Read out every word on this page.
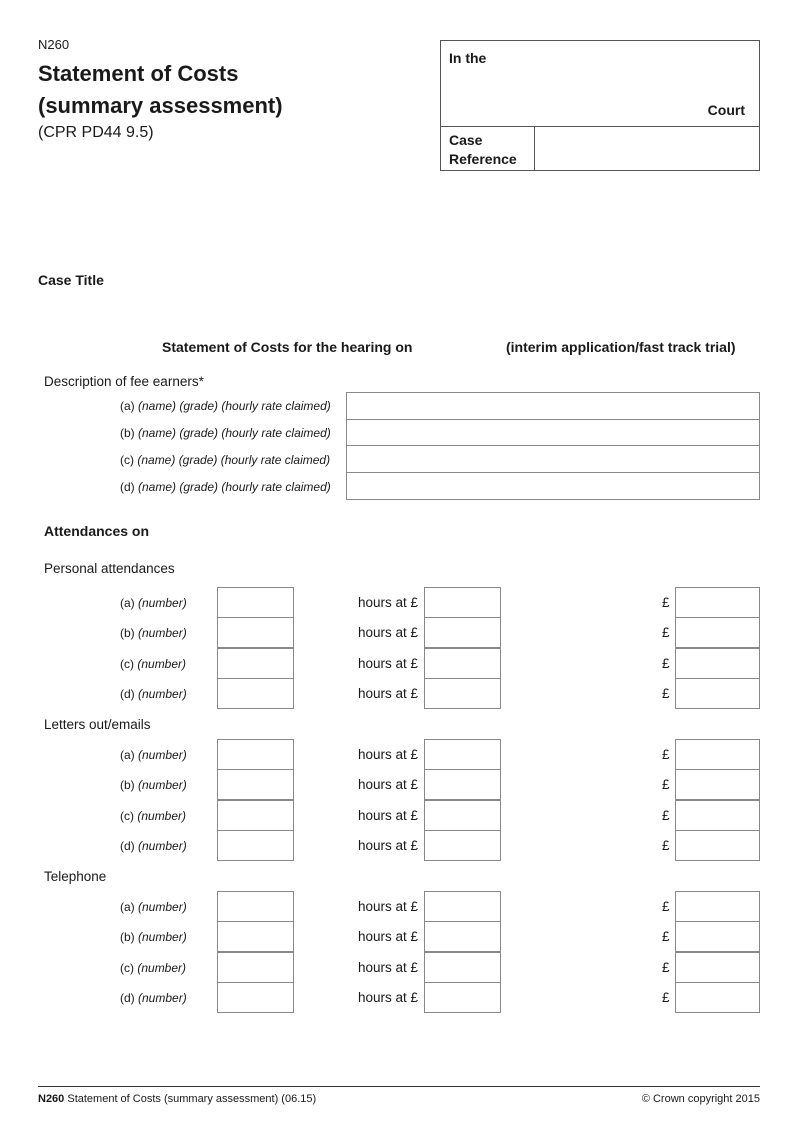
N260
Statement of Costs
(summary assessment)
(CPR PD44 9.5)
In the
Court
Case
Reference
Case Title
Statement of Costs for the hearing on	(interim application/fast track trial)
Description of fee earners*
(a) (name) (grade) (hourly rate claimed)
(b) (name) (grade) (hourly rate claimed)
(c) (name) (grade) (hourly rate claimed)
(d) (name) (grade) (hourly rate claimed)
Attendances on
Personal attendances
Letters out/emails
Telephone
(a) (number)	hours at £	£
(b) (number)	hours at £	£
(c) (number)	hours at £	£
(d) (number)	hours at £	£
(a) (number)	hours at £	£
(b) (number)	hours at £	£
(c) (number)	hours at £	£
(d) (number)	hours at £	£
(a) (number)	hours at £	£
(b) (number)	hours at £	£
(c) (number)	hours at £	£
(d) (number)	hours at £	£
N260 Statement of Costs (summary assessment) (06.15)	© Crown copyright 2015
